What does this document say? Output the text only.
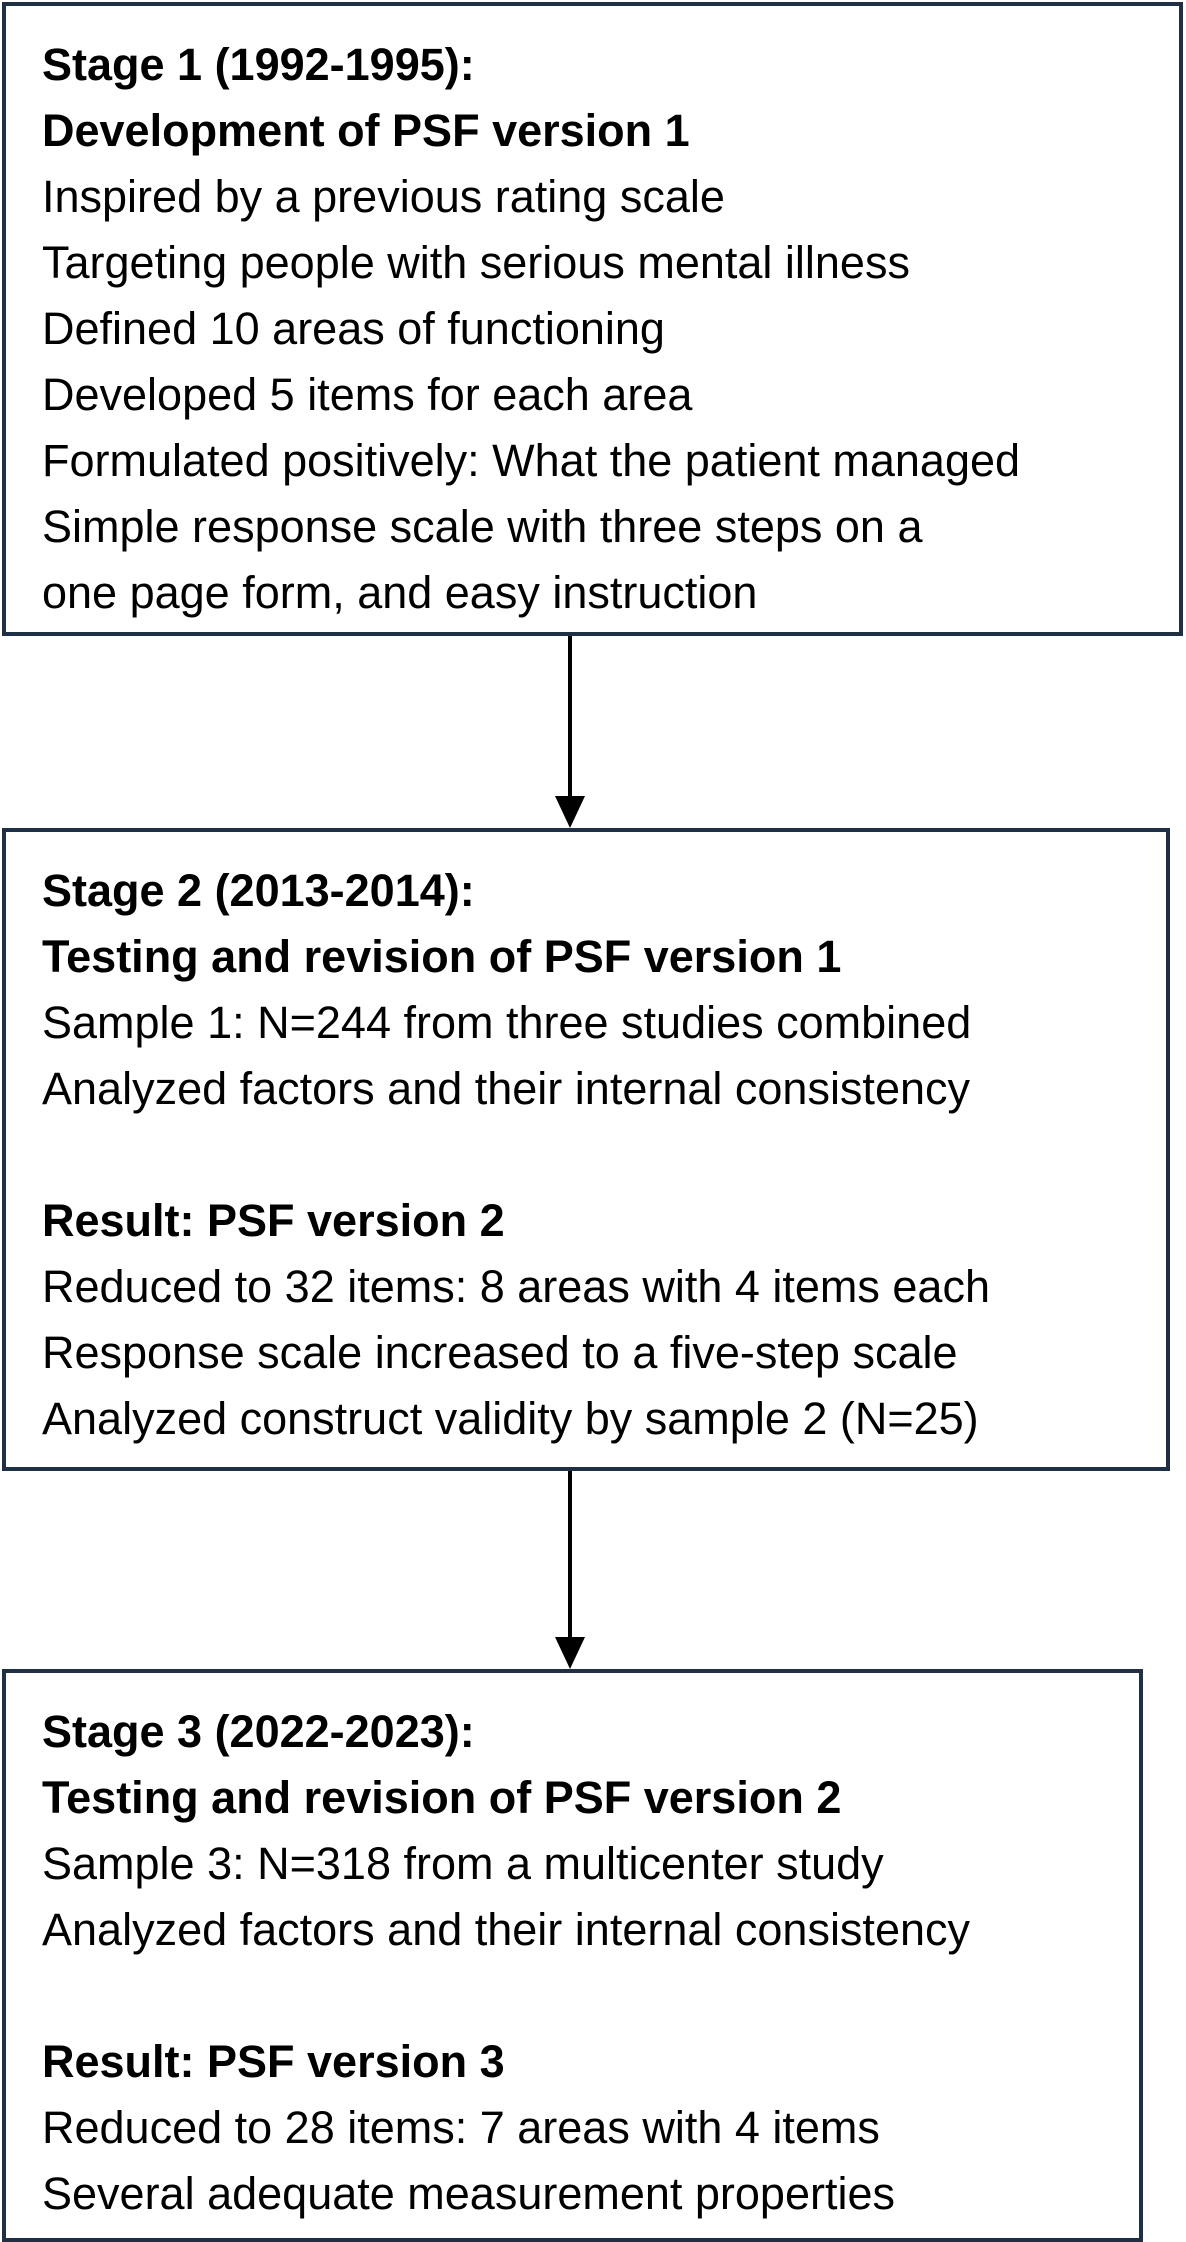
Stage 1 (1992-1995):
Development of PSF version 1
Inspired by a previous rating scale
Targeting people with serious mental illness
Defined 10 areas of functioning
Developed 5 items for each area
Formulated positively: What the patient managed
Simple response scale with three steps on a
one page form, and easy instruction
Stage 2 (2013-2014):
Testing and revision of PSF version 1
Sample 1: N=244 from three studies combined
Analyzed factors and their internal consistency
Result: PSF version 2
Reduced to 32 items: 8 areas with 4 items each
Response scale increased to a five-step scale
Analyzed construct validity by sample 2 (N=25)
Stage 3 (2022-2023):
Testing and revision of PSF version 2
Sample 3: N=318 from a multicenter study
Analyzed factors and their internal consistency
Result: PSF version 3
Reduced to 28 items: 7 areas with 4 items
Several adequate measurement properties
